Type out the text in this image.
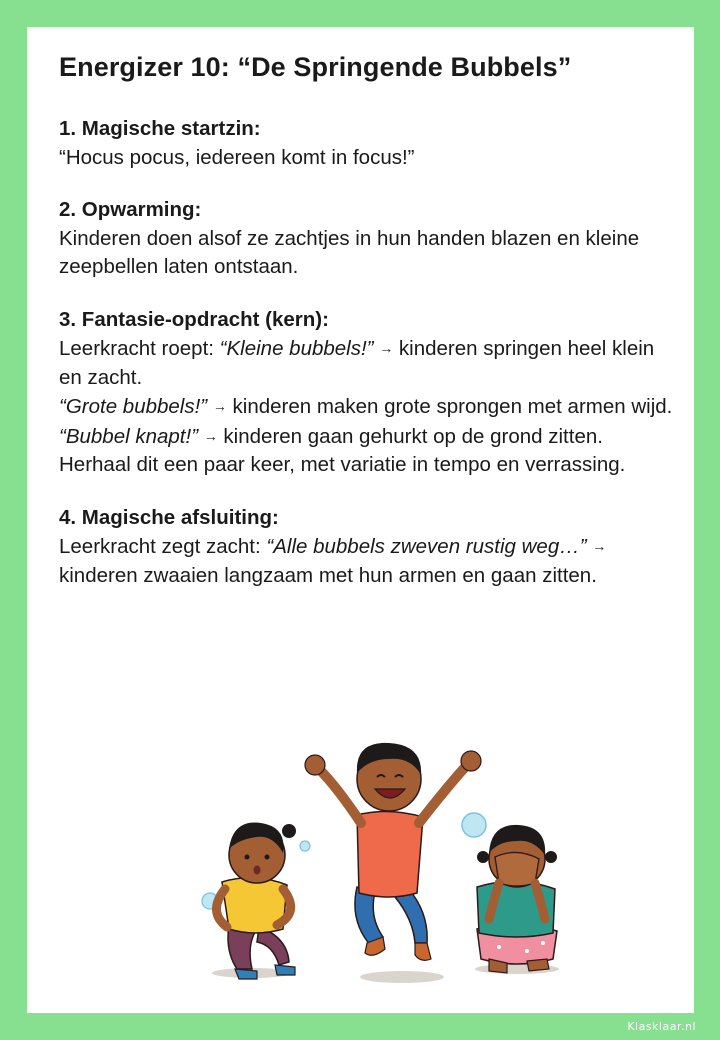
Energizer 10: “De Springende Bubbels”
1. Magische startzin:

“Hocus pocus, iedereen komt in focus!”

2. Opwarming:

Kinderen doen alsof ze zachtjes in hun handen blazen en kleine zeepbellen laten ontstaan.

3. Fantasie-opdracht (kern):

Leerkracht roept: “Kleine bubbels!” → kinderen springen heel klein en zacht.

“Grote bubbels!” → kinderen maken grote sprongen met armen wijd.

“Bubbel knapt!” → kinderen gaan gehurkt op de grond zitten.

Herhaal dit een paar keer, met variatie in tempo en verrassing.

4. Magische afsluiting:

Leerkracht zegt zacht: “Alle bubbels zweven rustig weg…” → kinderen zwaaien langzaam met hun armen en gaan zitten.

Klasklaar.nl
